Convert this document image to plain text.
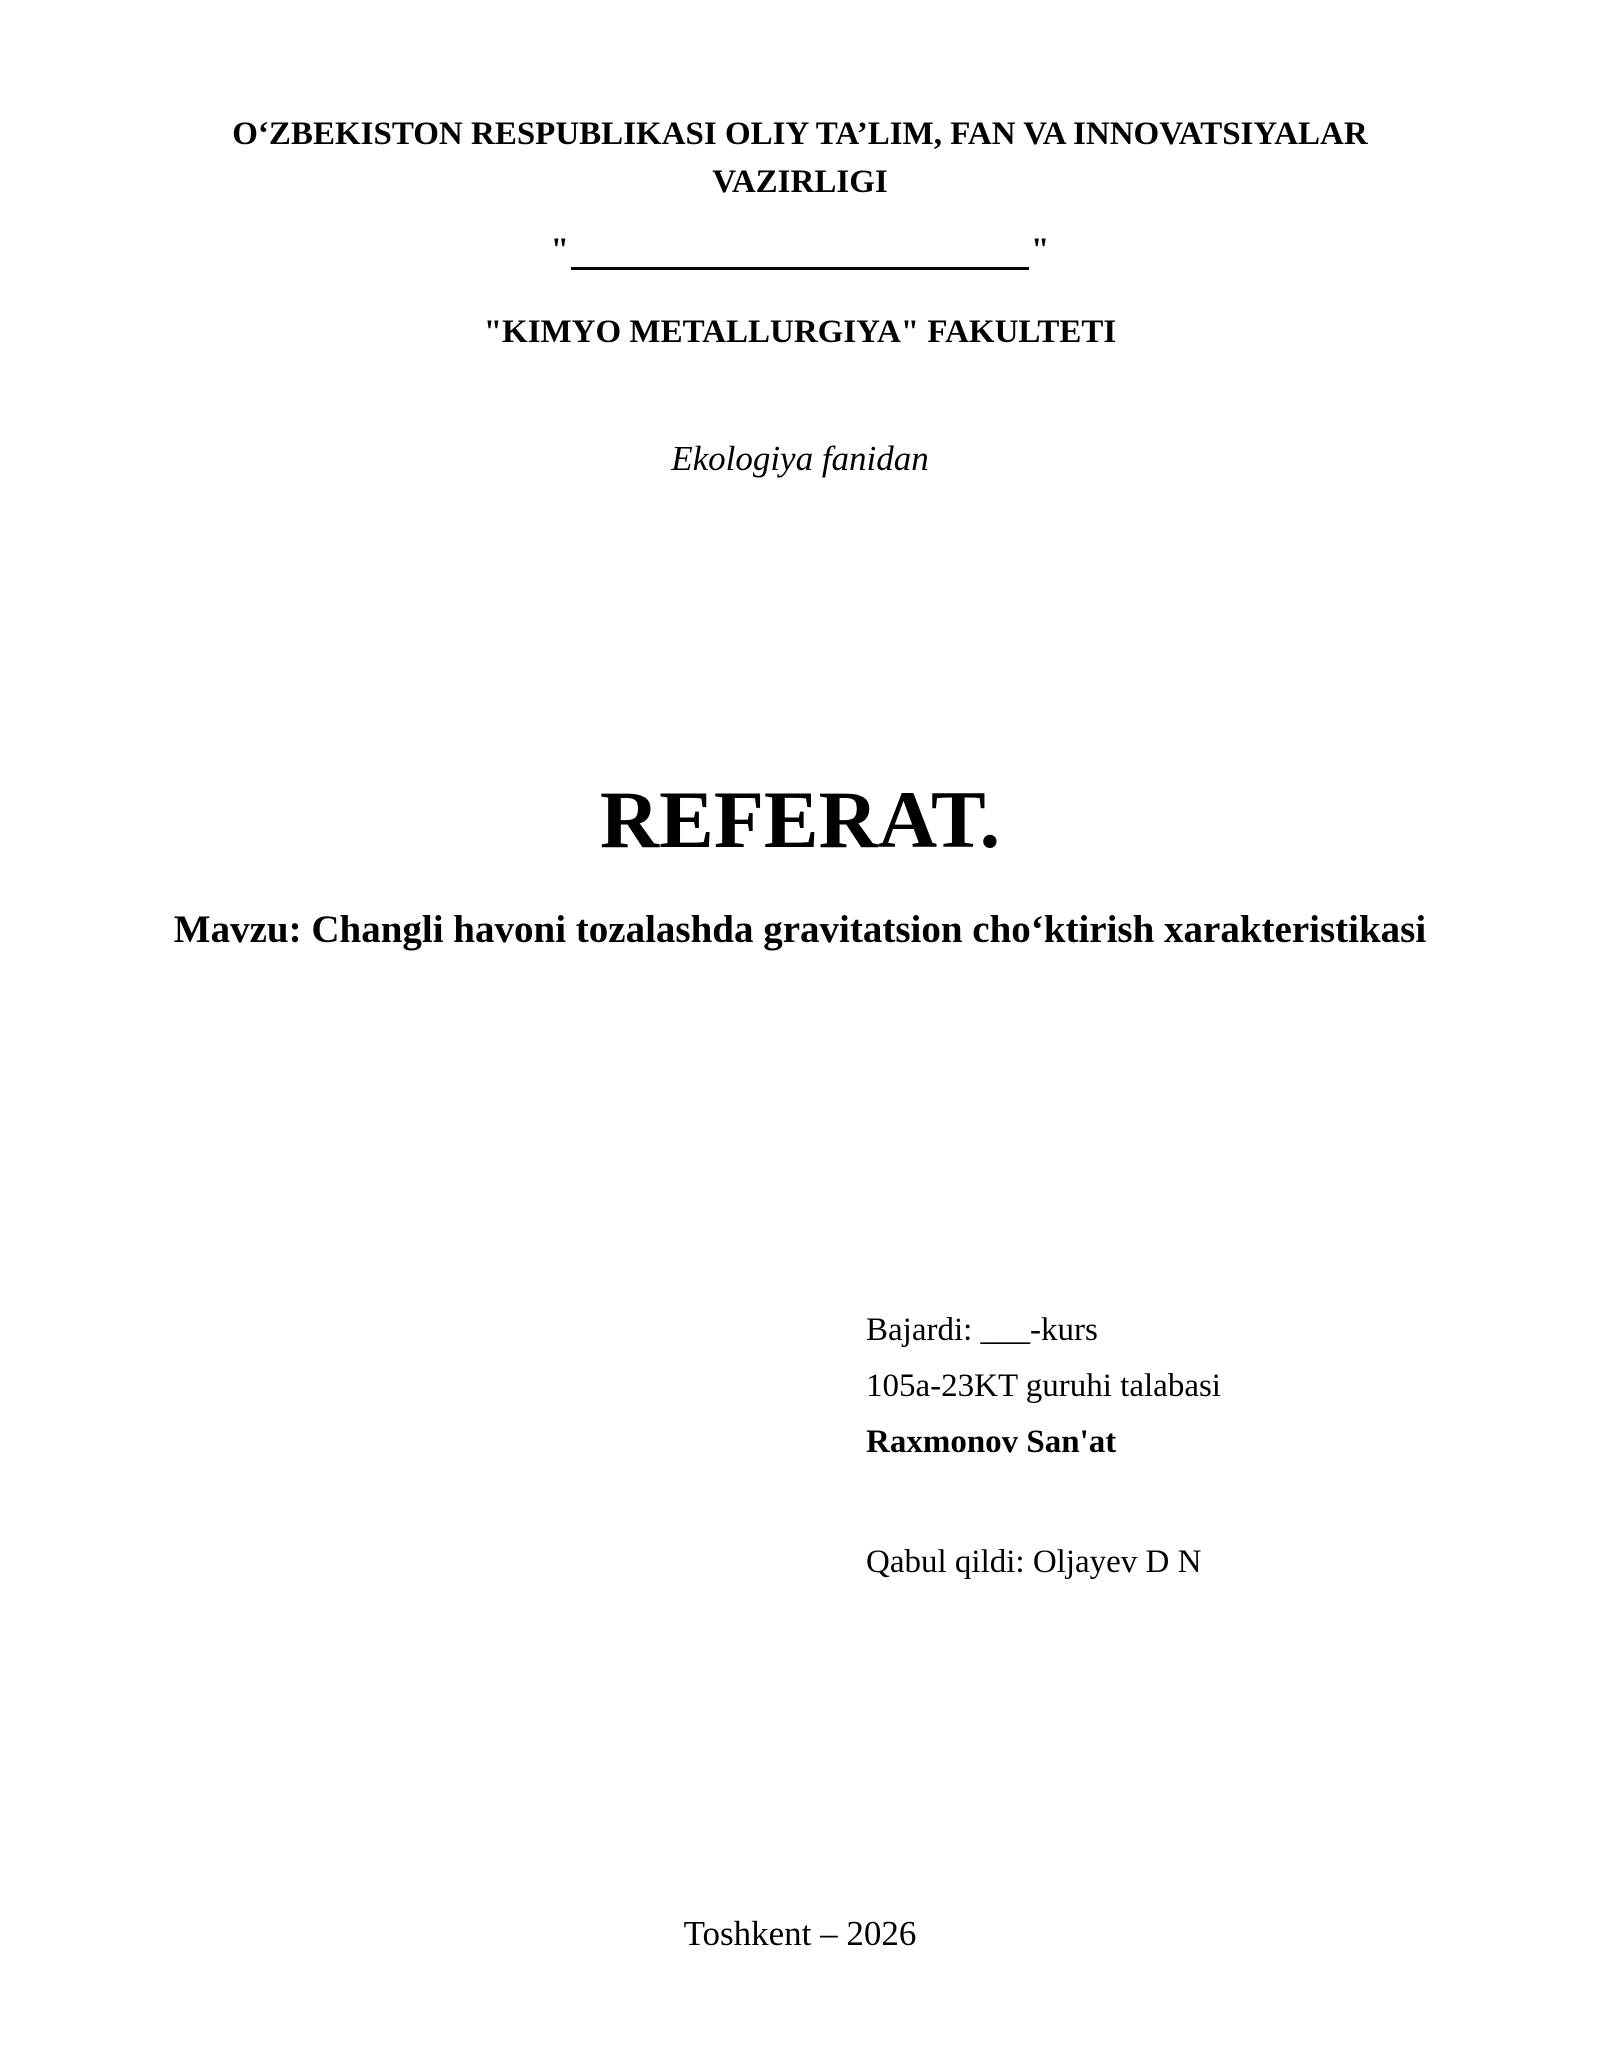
O‘ZBEKISTON RESPUBLIKASI OLIY TA’LIM, FAN VA INNOVATSIYALAR
VAZIRLIGI
"	"
"KIMYO METALLURGIYA" FAKULTETI
Ekologiya fanidan
REFERAT.
Mavzu: Changli havoni tozalashda gravitatsion cho‘ktirish xarakteristikasi
Bajardi: ___-kurs
105a-23KT guruhi talabasi
Raxmonov San'at
Qabul qildi: Oljayev D N
Toshkent – 2026
